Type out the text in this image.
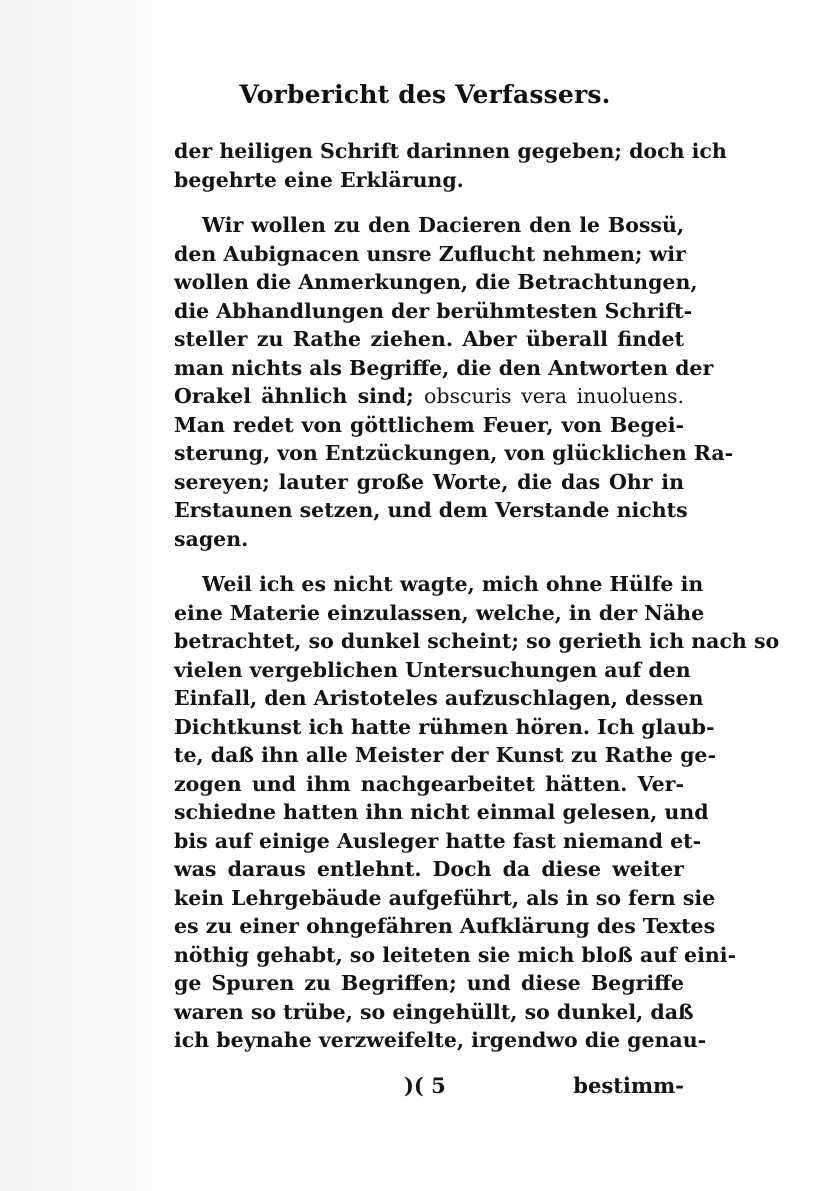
Vorbericht des Verfassers.
der heiligen Schrift darinnen gegeben; doch ich
begehrte eine Erklärung.
Wir wollen zu den Dacieren den le Bossü,
den Aubignacen unsre Zuflucht nehmen; wir
wollen die Anmerkungen, die Betrachtungen,
die Abhandlungen der berühmtesten Schrift-
steller zu Rathe ziehen. Aber überall findet
man nichts als Begriffe, die den Antworten der
Orakel ähnlich sind; obscuris vera inuoluens.
Man redet von göttlichem Feuer, von Begei-
sterung, von Entzückungen, von glücklichen Ra-
sereyen; lauter große Worte, die das Ohr in
Erstaunen setzen, und dem Verstande nichts
sagen.
Weil ich es nicht wagte, mich ohne Hülfe in
eine Materie einzulassen, welche, in der Nähe
betrachtet, so dunkel scheint; so gerieth ich nach so
vielen vergeblichen Untersuchungen auf den
Einfall, den Aristoteles aufzuschlagen, dessen
Dichtkunst ich hatte rühmen hören. Ich glaub-
te, daß ihn alle Meister der Kunst zu Rathe ge-
zogen und ihm nachgearbeitet hätten. Ver-
schiedne hatten ihn nicht einmal gelesen, und
bis auf einige Ausleger hatte fast niemand et-
was daraus entlehnt. Doch da diese weiter
kein Lehrgebäude aufgeführt, als in so fern sie
es zu einer ohngefähren Aufklärung des Textes
nöthig gehabt, so leiteten sie mich bloß auf eini-
ge Spuren zu Begriffen; und diese Begriffe
waren so trübe, so eingehüllt, so dunkel, daß
ich beynahe verzweifelte, irgendwo die genau-
)( 5	bestimm-
